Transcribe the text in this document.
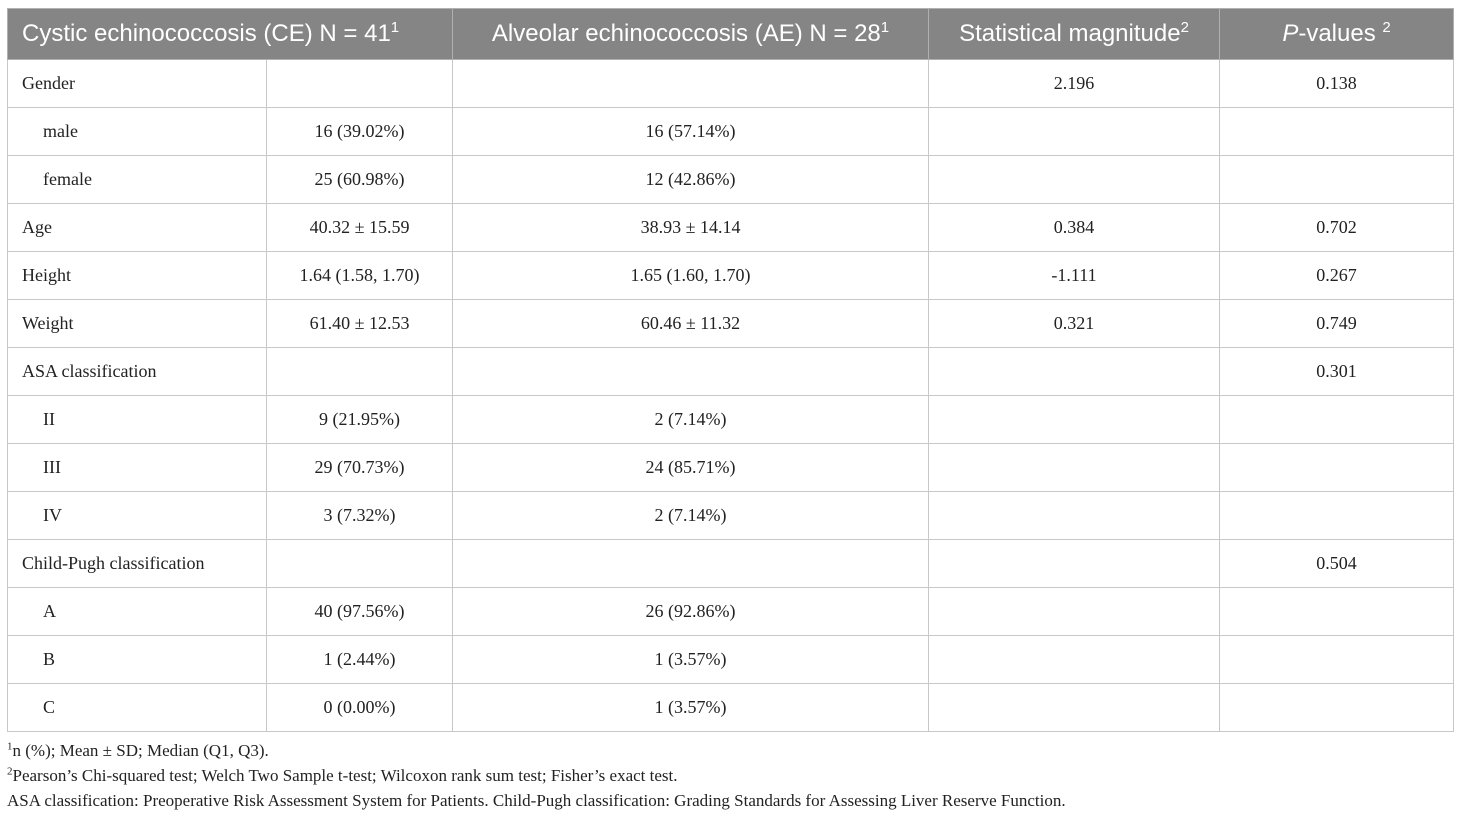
Cystic echinococcosis (CE) $N = 41^1$		Alveolar echinococcosis (AE) $N = 28^1$	Statistical magnitude$^2$	P-values $^2$
Gender			2.196	0.138
male	16 (39.02%)	16 (57.14%)		
female	25 (60.98%)	12 (42.86%)		
Age	40.32 ± 15.59	38.93 ± 14.14	0.384	0.702
Height	1.64 (1.58, 1.70)	1.65 (1.60, 1.70)	-1.111	0.267
Weight	61.40 ± 12.53	60.46 ± 11.32	0.321	0.749
ASA classification				0.301
II	9 (21.95%)	2 (7.14%)		
III	29 (70.73%)	24 (85.71%)		
IV	3 (7.32%)	2 (7.14%)		
Child-Pugh classification				0.504
A	40 (97.56%)	26 (92.86%)		
B	1 (2.44%)	1 (3.57%)		
C	0 (0.00%)	1 (3.57%)		
$^1$n (%); Mean ± SD; Median (Q1, Q3).
$^2$Pearson’s Chi-squared test; Welch Two Sample t-test; Wilcoxon rank sum test; Fisher’s exact test.
ASA classification: Preoperative Risk Assessment System for Patients. Child-Pugh classification: Grading Standards for Assessing Liver Reserve Function.
